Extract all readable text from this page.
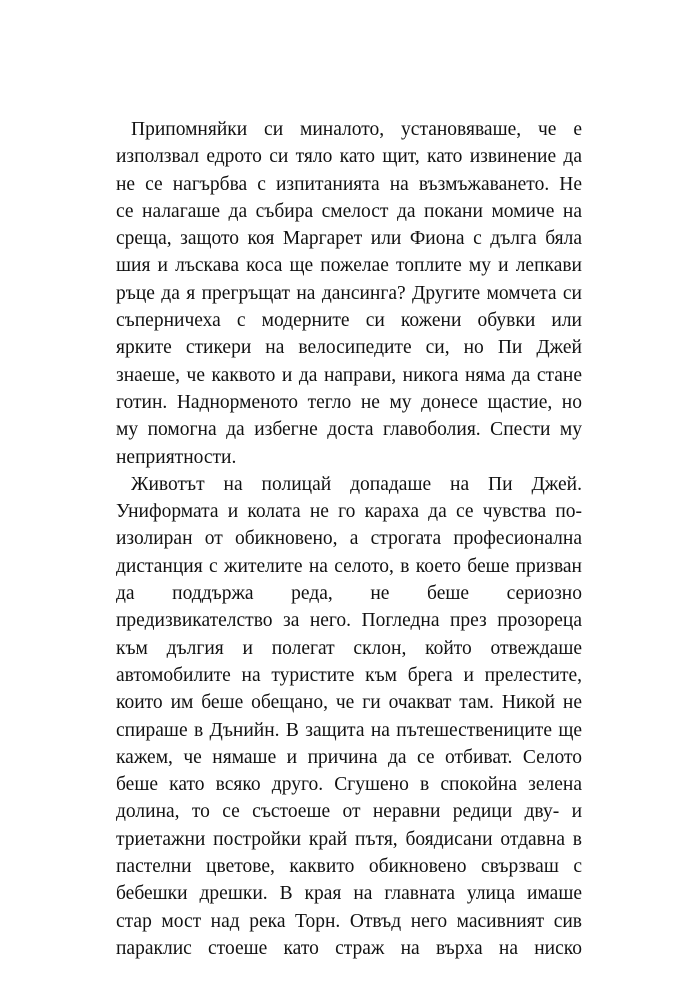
Припомняйки си миналото, установяваше, че е
използвал едрото си тяло като щит, като извинение да
не се нагърбва с изпитанията на възмъжаването. Не
се налагаше да събира смелост да покани момиче на
среща, защото коя Маргарет или Фиона с дълга бяла
шия и лъскава коса ще пожелае топлите му и лепкави
ръце да я прегръщат на дансинга? Другите момчета си
съперничеха с модерните си кожени обувки или
ярките стикери на велосипедите си, но Пи Джей
знаеше, че каквото и да направи, никога няма да стане
готин. Наднорменото тегло не му донесе щастие, но
му помогна да избегне доста главоболия. Спести му
неприятности.
Животът на полицай допадаше на Пи Джей.
Униформата и колата не го караха да се чувства по-
изолиран от обикновено, а строгата професионална
дистанция с жителите на селото, в което беше призван
да поддържа реда, не беше сериозно
предизвикателство за него. Погледна през прозореца
към дългия и полегат склон, който отвеждаше
автомобилите на туристите към брега и прелестите,
които им беше обещано, че ги очакват там. Никой не
спираше в Дънийн. В защита на пътешествениците ще
кажем, че нямаше и причина да се отбиват. Селото
беше като всяко друго. Сгушено в спокойна зелена
долина, то се състоеше от неравни редици дву- и
триетажни постройки край пътя, боядисани отдавна в
пастелни цветове, каквито обикновено свързваш с
бебешки дрешки. В края на главната улица имаше
стар мост над река Торн. Отвъд него масивният сив
параклис стоеше като страж на върха на ниско
